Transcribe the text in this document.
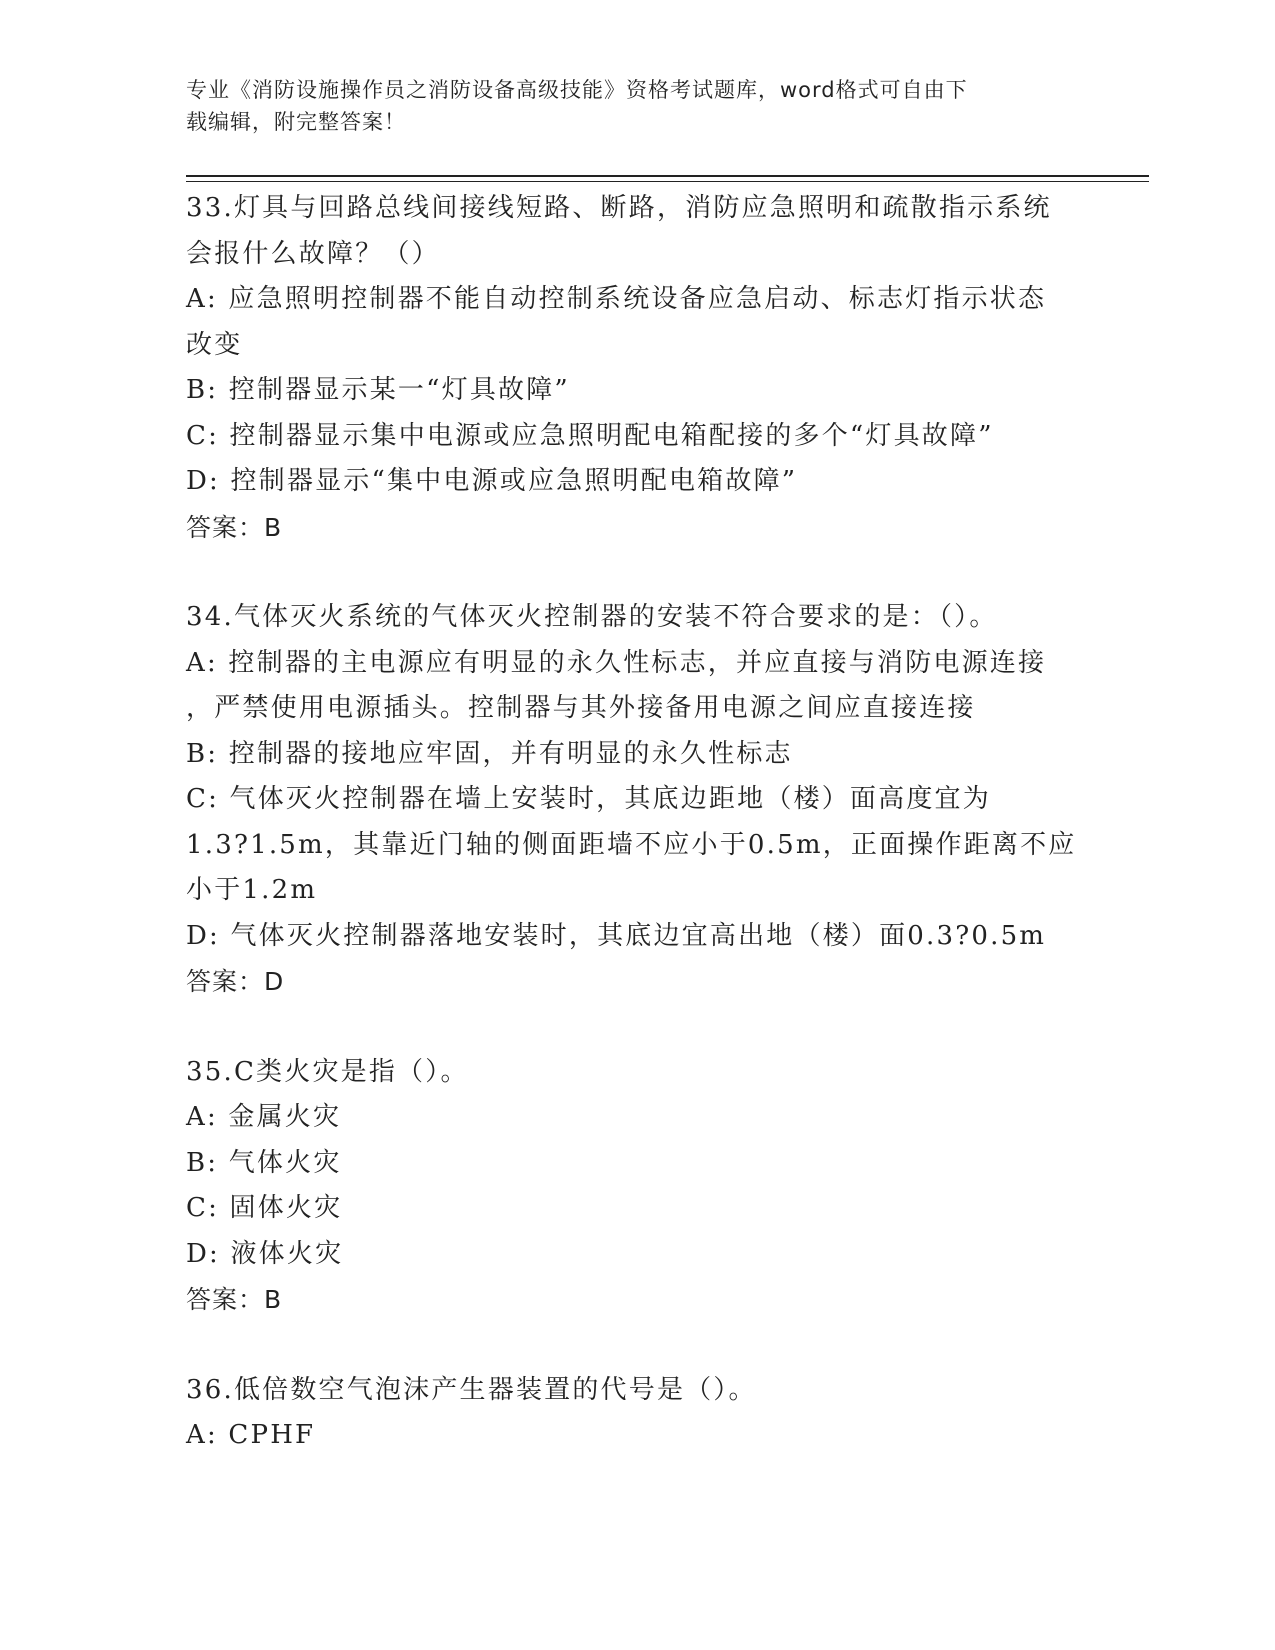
专业《消防设施操作员之消防设备高级技能》资格考试题库，word格式可自由下
载编辑，附完整答案！
33.灯具与回路总线间接线短路、断路，消防应急照明和疏散指示系统
会报什么故障？（）
A: 应急照明控制器不能自动控制系统设备应急启动、标志灯指示状态
改变
B: 控制器显示某一“灯具故障”
C: 控制器显示集中电源或应急照明配电箱配接的多个“灯具故障”
D: 控制器显示“集中电源或应急照明配电箱故障”
答案：B
34.气体灭火系统的气体灭火控制器的安装不符合要求的是：（）。
A: 控制器的主电源应有明显的永久性标志，并应直接与消防电源连接
，严禁使用电源插头。控制器与其外接备用电源之间应直接连接
B: 控制器的接地应牢固，并有明显的永久性标志
C: 气体灭火控制器在墙上安装时，其底边距地（楼）面高度宜为
1.3?1.5m，其靠近门轴的侧面距墙不应小于0.5m，正面操作距离不应
小于1.2m
D: 气体灭火控制器落地安装时，其底边宜高出地（楼）面0.3?0.5m
答案：D
35.C类火灾是指（）。
A: 金属火灾
B: 气体火灾
C: 固体火灾
D: 液体火灾
答案：B
36.低倍数空气泡沫产生器装置的代号是（）。
A: CPHF
